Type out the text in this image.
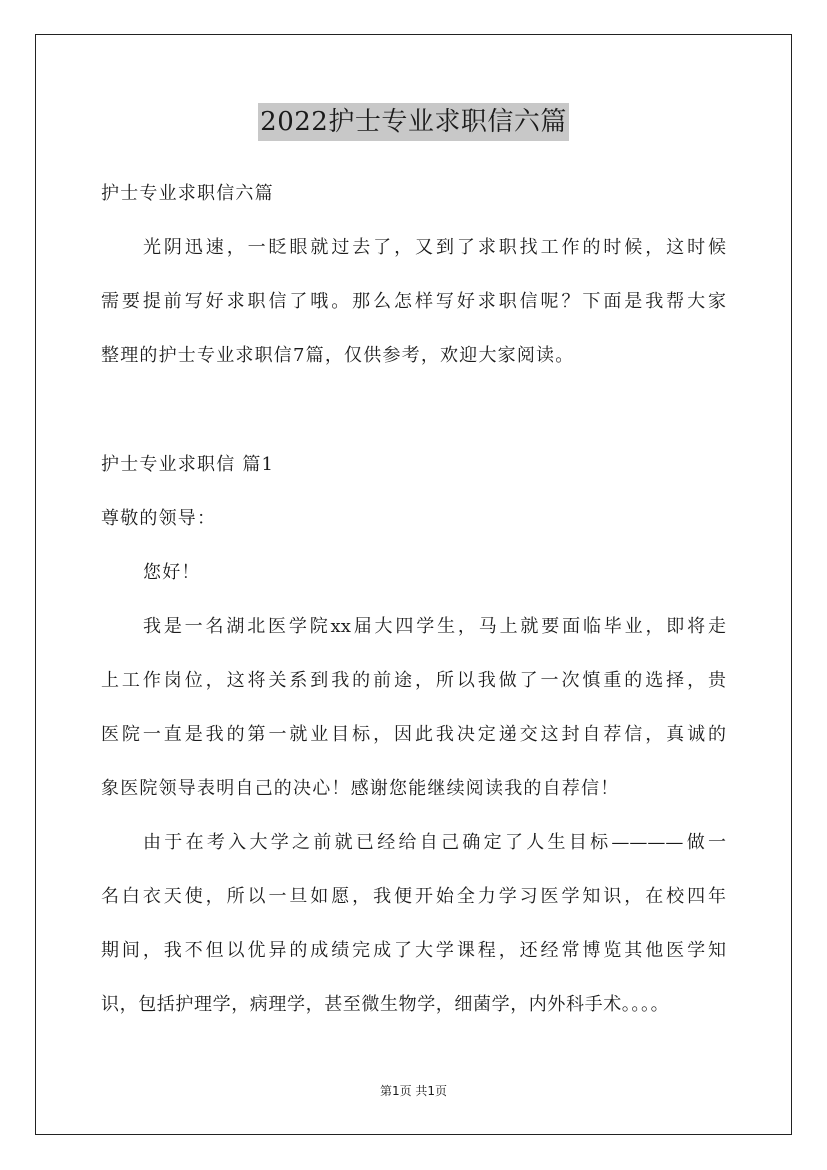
2022护士专业求职信六篇
护士专业求职信六篇
光阴迅速，一眨眼就过去了，又到了求职找工作的时候，这时候
需要提前写好求职信了哦。那么怎样写好求职信呢？下面是我帮大家
整理的护士专业求职信7篇，仅供参考，欢迎大家阅读。
护士专业求职信 篇1
尊敬的领导：
您好！
我是一名湖北医学院xx届大四学生，马上就要面临毕业，即将走
上工作岗位，这将关系到我的前途，所以我做了一次慎重的选择，贵
医院一直是我的第一就业目标，因此我决定递交这封自荐信，真诚的
象医院领导表明自己的决心！感谢您能继续阅读我的自荐信！
由于在考入大学之前就已经给自己确定了人生目标————做一
名白衣天使，所以一旦如愿，我便开始全力学习医学知识，在校四年
期间，我不但以优异的成绩完成了大学课程，还经常博览其他医学知
识，包括护理学，病理学，甚至微生物学，细菌学，内外科手术。。。。
第1页 共1页
